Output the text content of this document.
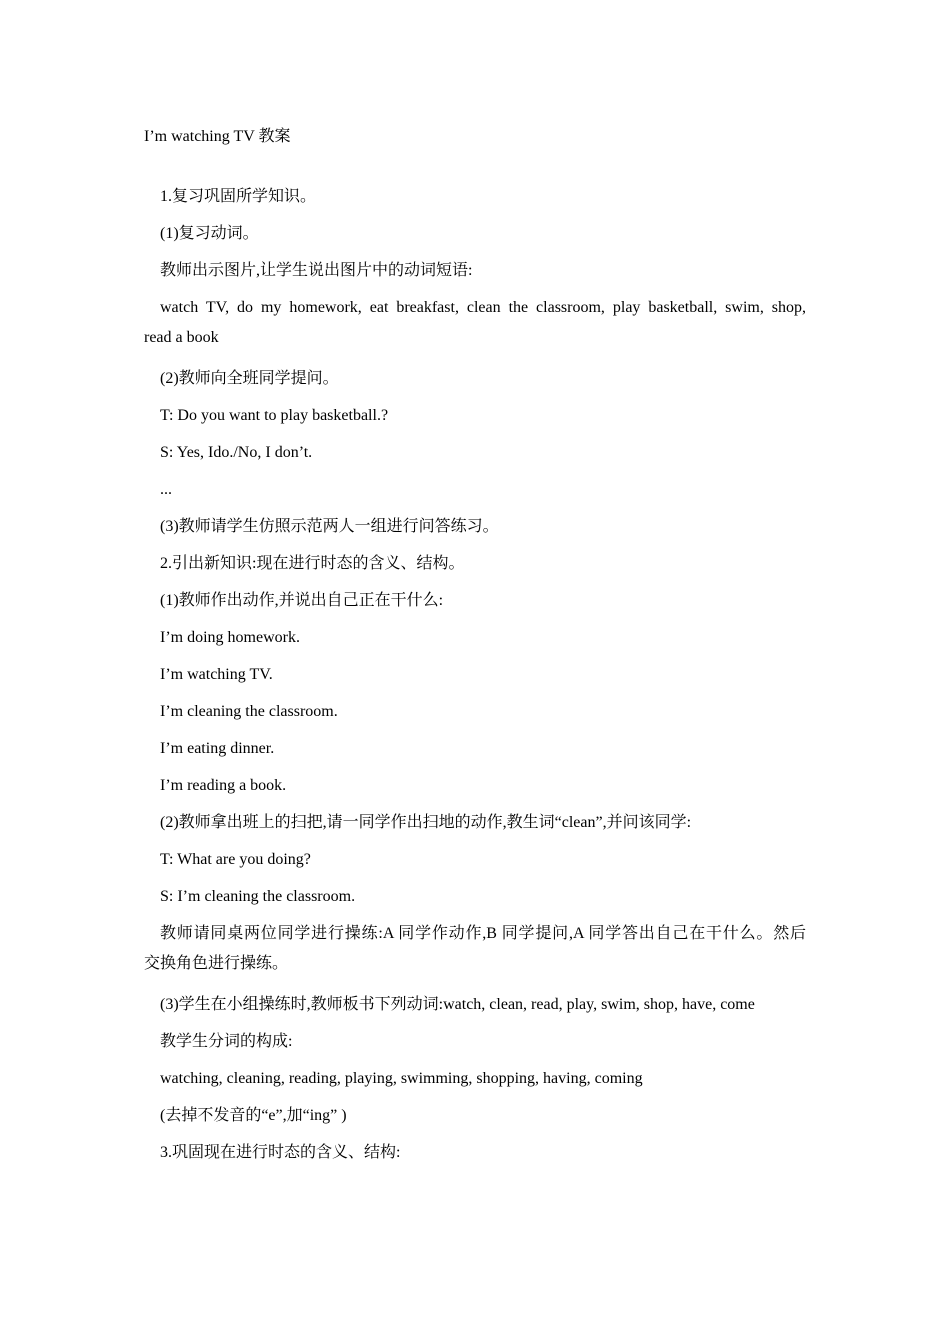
I’m watching TV 教案
1.复习巩固所学知识。
(1)复习动词。
教师出示图片,让学生说出图片中的动词短语:
watch TV, do my homework, eat breakfast, clean the classroom, play basketball, swim, shop,
read a book
(2)教师向全班同学提问。
T: Do you want to play basketball.?
S: Yes, Ido./No, I don’t.
...
(3)教师请学生仿照示范两人一组进行问答练习。
2.引出新知识:现在进行时态的含义、结构。
(1)教师作出动作,并说出自己正在干什么:
I’m doing homework.
I’m watching TV.
I’m cleaning the classroom.
I’m eating dinner.
I’m reading a book.
(2)教师拿出班上的扫把,请一同学作出扫地的动作,教生词“clean”,并问该同学:
T: What are you doing?
S: I’m cleaning the classroom.
教师请同桌两位同学进行操练:A 同学作动作,B 同学提问,A 同学答出自己在干什么。然后
交换角色进行操练。
(3)学生在小组操练时,教师板书下列动词:watch, clean, read, play, swim, shop, have, come
教学生分词的构成:
watching, cleaning, reading, playing, swimming, shopping, having, coming
(去掉不发音的“e”,加“ing” )
3.巩固现在进行时态的含义、结构:
